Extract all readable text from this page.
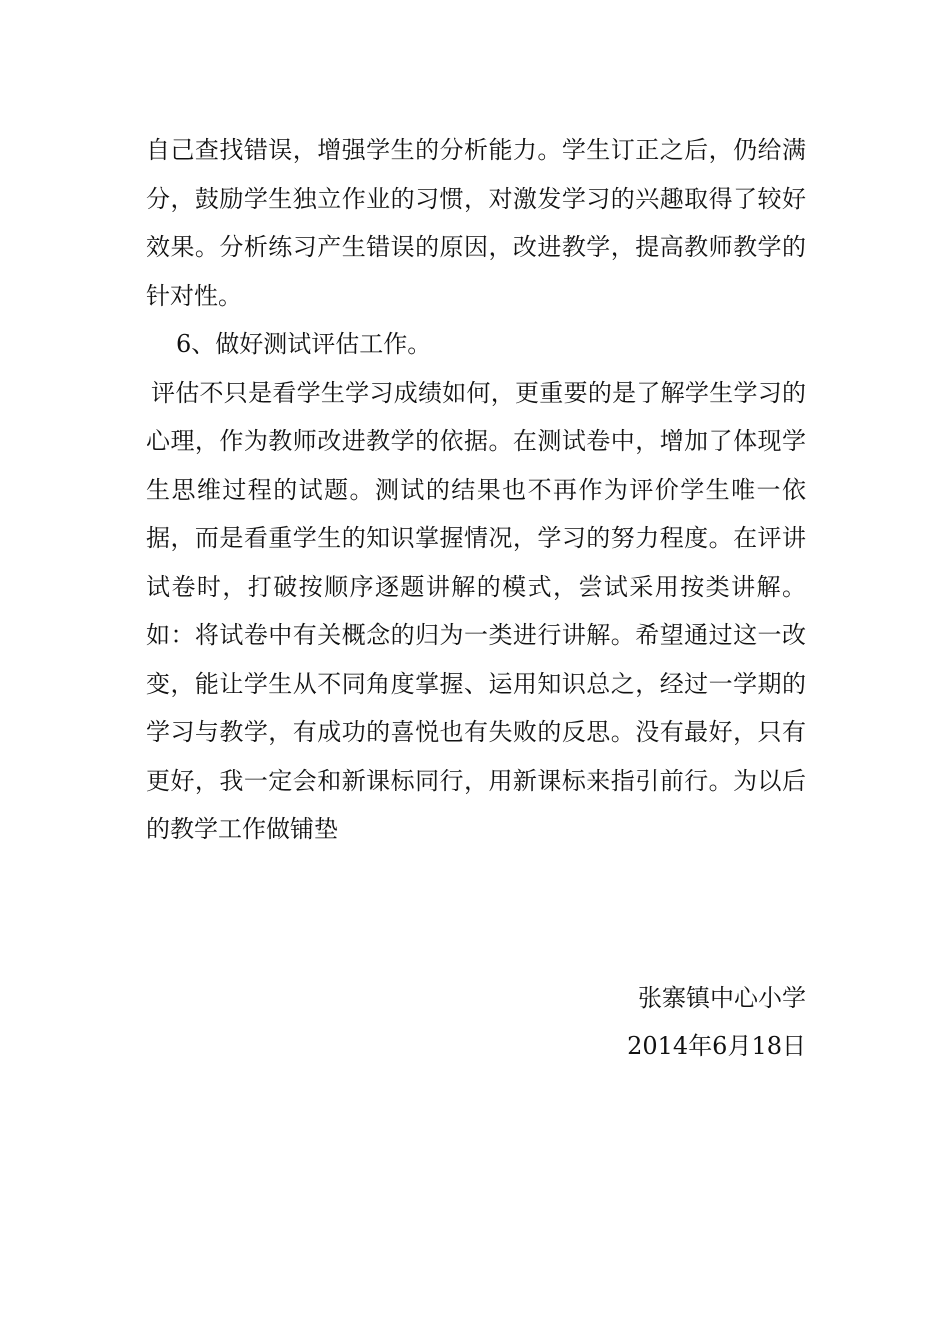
自己查找错误，增强学生的分析能力。学生订正之后，仍给满分，鼓励学生独立作业的习惯，对激发学习的兴趣取得了较好效果。分析练习产生错误的原因，改进教学，提高教师教学的针对性。

6、做好测试评估工作。

评估不只是看学生学习成绩如何，更重要的是了解学生学习的心理，作为教师改进教学的依据。在测试卷中，增加了体现学生思维过程的试题。测试的结果也不再作为评价学生唯一依据，而是看重学生的知识掌握情况，学习的努力程度。在评讲试卷时，打破按顺序逐题讲解的模式，尝试采用按类讲解。如：将试卷中有关概念的归为一类进行讲解。希望通过这一改变，能让学生从不同角度掌握、运用知识总之，经过一学期的学习与教学，有成功的喜悦也有失败的反思。没有最好，只有更好，我一定会和新课标同行，用新课标来指引前行。为以后的教学工作做铺垫

张寨镇中心小学
2014年6月18日
